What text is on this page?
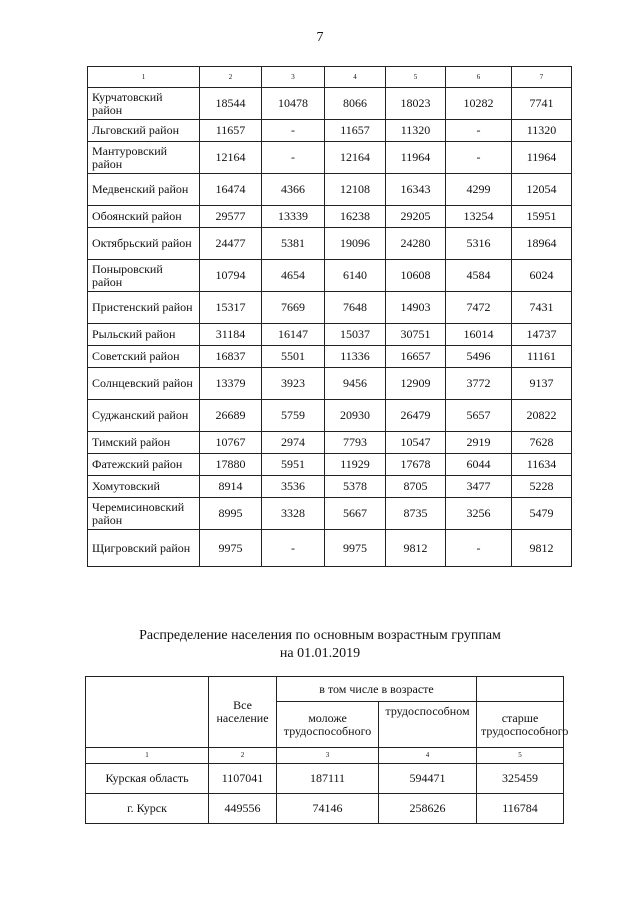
7
1	2	3	4	5	6	7
Курчатовский район	18544	10478	8066	18023	10282	7741
Льговский район	11657	-	11657	11320	-	11320
Мантуровский район	12164	-	12164	11964	-	11964
Медвенский район	16474	4366	12108	16343	4299	12054
Обоянский район	29577	13339	16238	29205	13254	15951
Октябрьский район	24477	5381	19096	24280	5316	18964
Поныровский район	10794	4654	6140	10608	4584	6024
Пристенский район	15317	7669	7648	14903	7472	7431
Рыльский район	31184	16147	15037	30751	16014	14737
Советский район	16837	5501	11336	16657	5496	11161
Солнцевский район	13379	3923	9456	12909	3772	9137
Суджанский район	26689	5759	20930	26479	5657	20822
Тимский район	10767	2974	7793	10547	2919	7628
Фатежский район	17880	5951	11929	17678	6044	11634
Хомутовский	8914	3536	5378	8705	3477	5228
Черемисиновский район	8995	3328	5667	8735	3256	5479
Щигровский район	9975	-	9975	9812	-	9812
Распределение населения по основным возрастным группам
на 01.01.2019
	Все население	в том числе в возрасте		
		моложе трудоспособного	трудоспособном	старше трудоспособного
1	2	3	4	5
Курская область	1107041	187111	594471	325459
г. Курск	449556	74146	258626	116784
